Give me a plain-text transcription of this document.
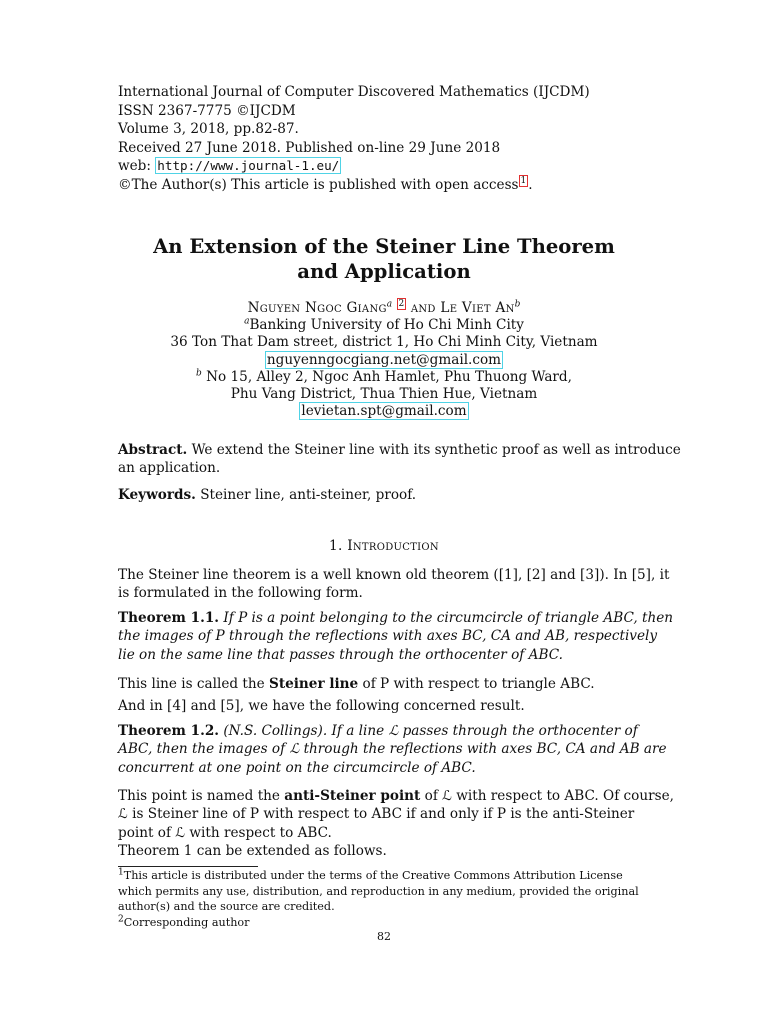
International Journal of Computer Discovered Mathematics (IJCDM)
ISSN 2367-7775 ©IJCDM
Volume 3, 2018, pp.82-87.
Received 27 June 2018. Published on-line 29 June 2018
web: http://www.journal-1.eu/
©The Author(s) This article is published with open access $^1$ .
An Extension of the Steiner Line Theorem
and Application
Nguyen Ngoc Giang$^a$ $^2$ and Le Viet An$^b$
$^a$Banking University of Ho Chi Minh City
36 Ton That Dam street, district 1, Ho Chi Minh City, Vietnam
nguyenngocgiang.net@gmail.com
$^b$ No 15, Alley 2, Ngoc Anh Hamlet, Phu Thuong Ward,
Phu Vang District, Thua Thien Hue, Vietnam
levietan.spt@gmail.com
Abstract. We extend the Steiner line with its synthetic proof as well as introduce
an application.
Keywords. Steiner line, anti-steiner, proof.
1. Introduction
The Steiner line theorem is a well known old theorem ([1], [2] and [3]). In [5], it
is formulated in the following form.
Theorem 1.1. If P is a point belonging to the circumcircle of triangle ABC, then
the images of P through the reflections with axes BC, CA and AB, respectively
lie on the same line that passes through the orthocenter of ABC.
This line is called the Steiner line of P with respect to triangle ABC.
And in [4] and [5], we have the following concerned result.
Theorem 1.2. (N.S. Collings). If a line ℒ passes through the orthocenter of
ABC, then the images of ℒ through the reflections with axes BC, CA and AB are
concurrent at one point on the circumcircle of ABC.
This point is named the anti-Steiner point of ℒ with respect to ABC. Of course,
ℒ is Steiner line of P with respect to ABC if and only if P is the anti-Steiner
point of ℒ with respect to ABC.
Theorem 1 can be extended as follows.
$^1$This article is distributed under the terms of the Creative Commons Attribution License
which permits any use, distribution, and reproduction in any medium, provided the original
author(s) and the source are credited.
$^2$Corresponding author
82
